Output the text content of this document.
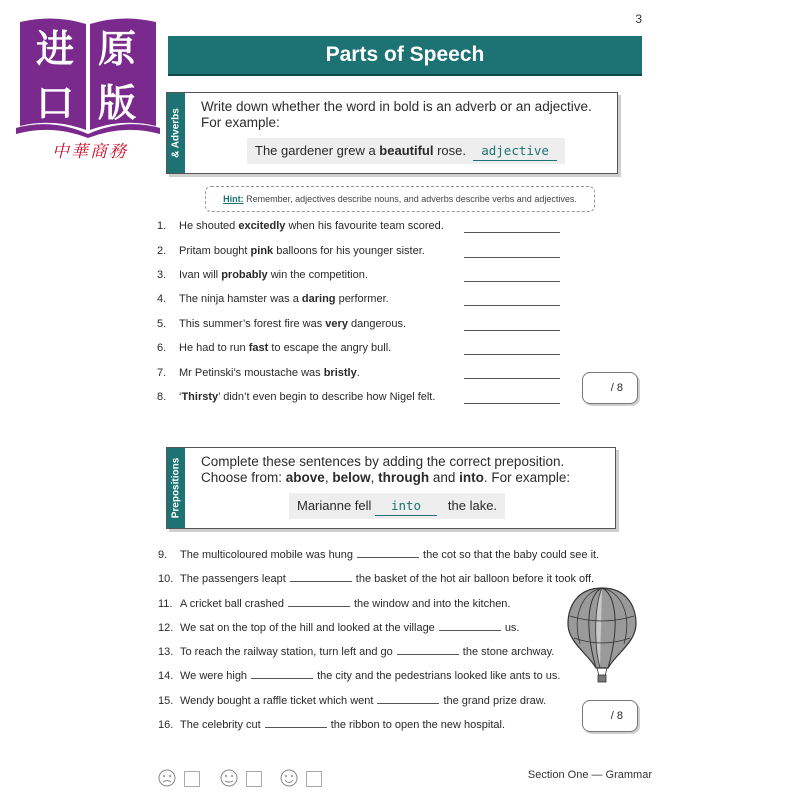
进 原
口 版
中華商務
3
Parts of Speech
& Adverbs
Write down whether the word in bold is an adverb or an adjective. For example:
The gardener grew a beautiful rose. adjective
Hint: Remember, adjectives describe nouns, and adverbs describe verbs and adjectives.
1. He shouted excitedly when his favourite team scored.
2. Pritam bought pink balloons for his younger sister.
3. Ivan will probably win the competition.
4. The ninja hamster was a daring performer.
5. This summer’s forest fire was very dangerous.
6. He had to run fast to escape the angry bull.
7. Mr Petinski’s moustache was bristly.
8. ‘Thirsty’ didn’t even begin to describe how Nigel felt.
/ 8
Prepositions Complete these sentences by adding the correct preposition.
Choose from: above, below, through and into. For example:
Marianne fell into   the lake.
9. The multicoloured mobile was hung	the cot so that the baby could see it.
10. The passengers leapt	the basket of the hot air balloon before it took off.
11. A cricket ball crashed	the window and into the kitchen.
12. We sat on the top of the hill and looked at the village	us.
13. To reach the railway station, turn left and go	the stone archway.
14. We were high	the city and the pedestrians looked like ants to us.
15. Wendy bought a raffle ticket which went	the grand prize draw.
16. The celebrity cut	the ribbon to open the new hospital.
/ 8
Section One — Grammar
